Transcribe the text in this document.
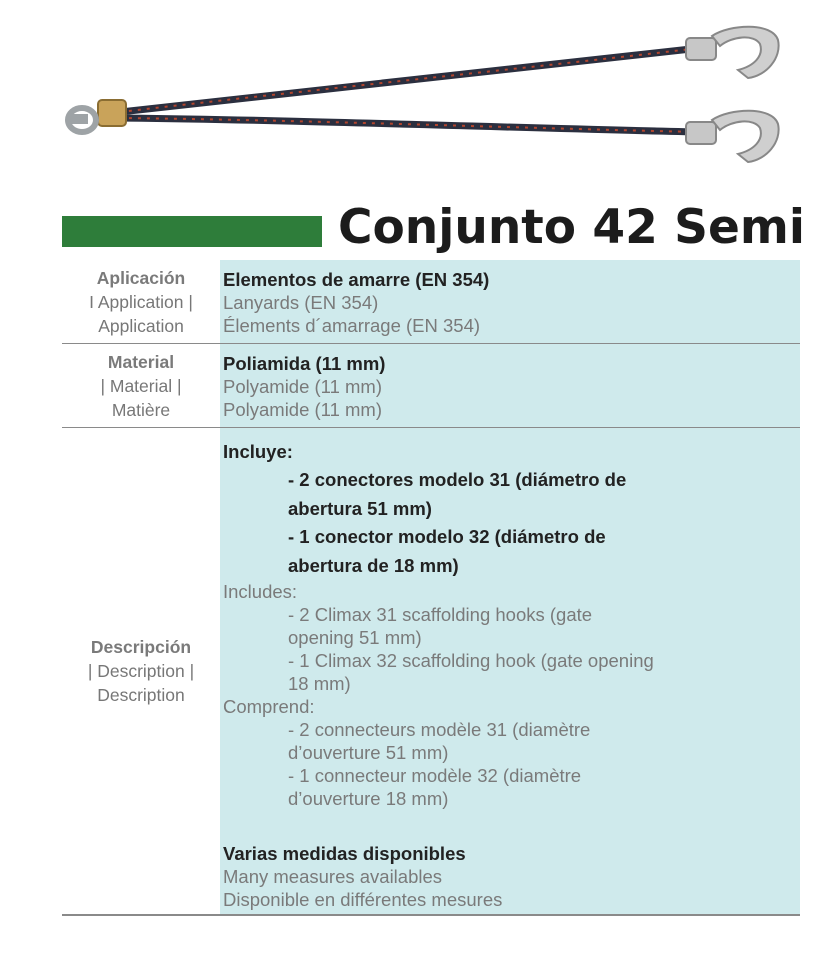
Conjunto 42 Semi
Aplicación
I Application |
Application
Elementos de amarre (EN 354)
Lanyards (EN 354)
Élements d´amarrage (EN 354)
Material
| Material |
Matière
Poliamida (11 mm)
Polyamide (11 mm)
Polyamide (11 mm)
Descripción
| Description |
Description
Incluye:
- 2 conectores modelo 31 (diámetro de
abertura 51 mm)
- 1 conector modelo 32 (diámetro de
abertura de 18 mm)
Includes:
- 2 Climax 31 scaffolding hooks (gate
opening 51 mm)
- 1 Climax 32 scaffolding hook (gate opening
18 mm)
Comprend:
- 2 connecteurs modèle 31 (diamètre
d’ouverture 51 mm)
- 1 connecteur modèle 32 (diamètre
d’ouverture 18 mm)
Varias medidas disponibles
Many measures availables
Disponible en différentes mesures
